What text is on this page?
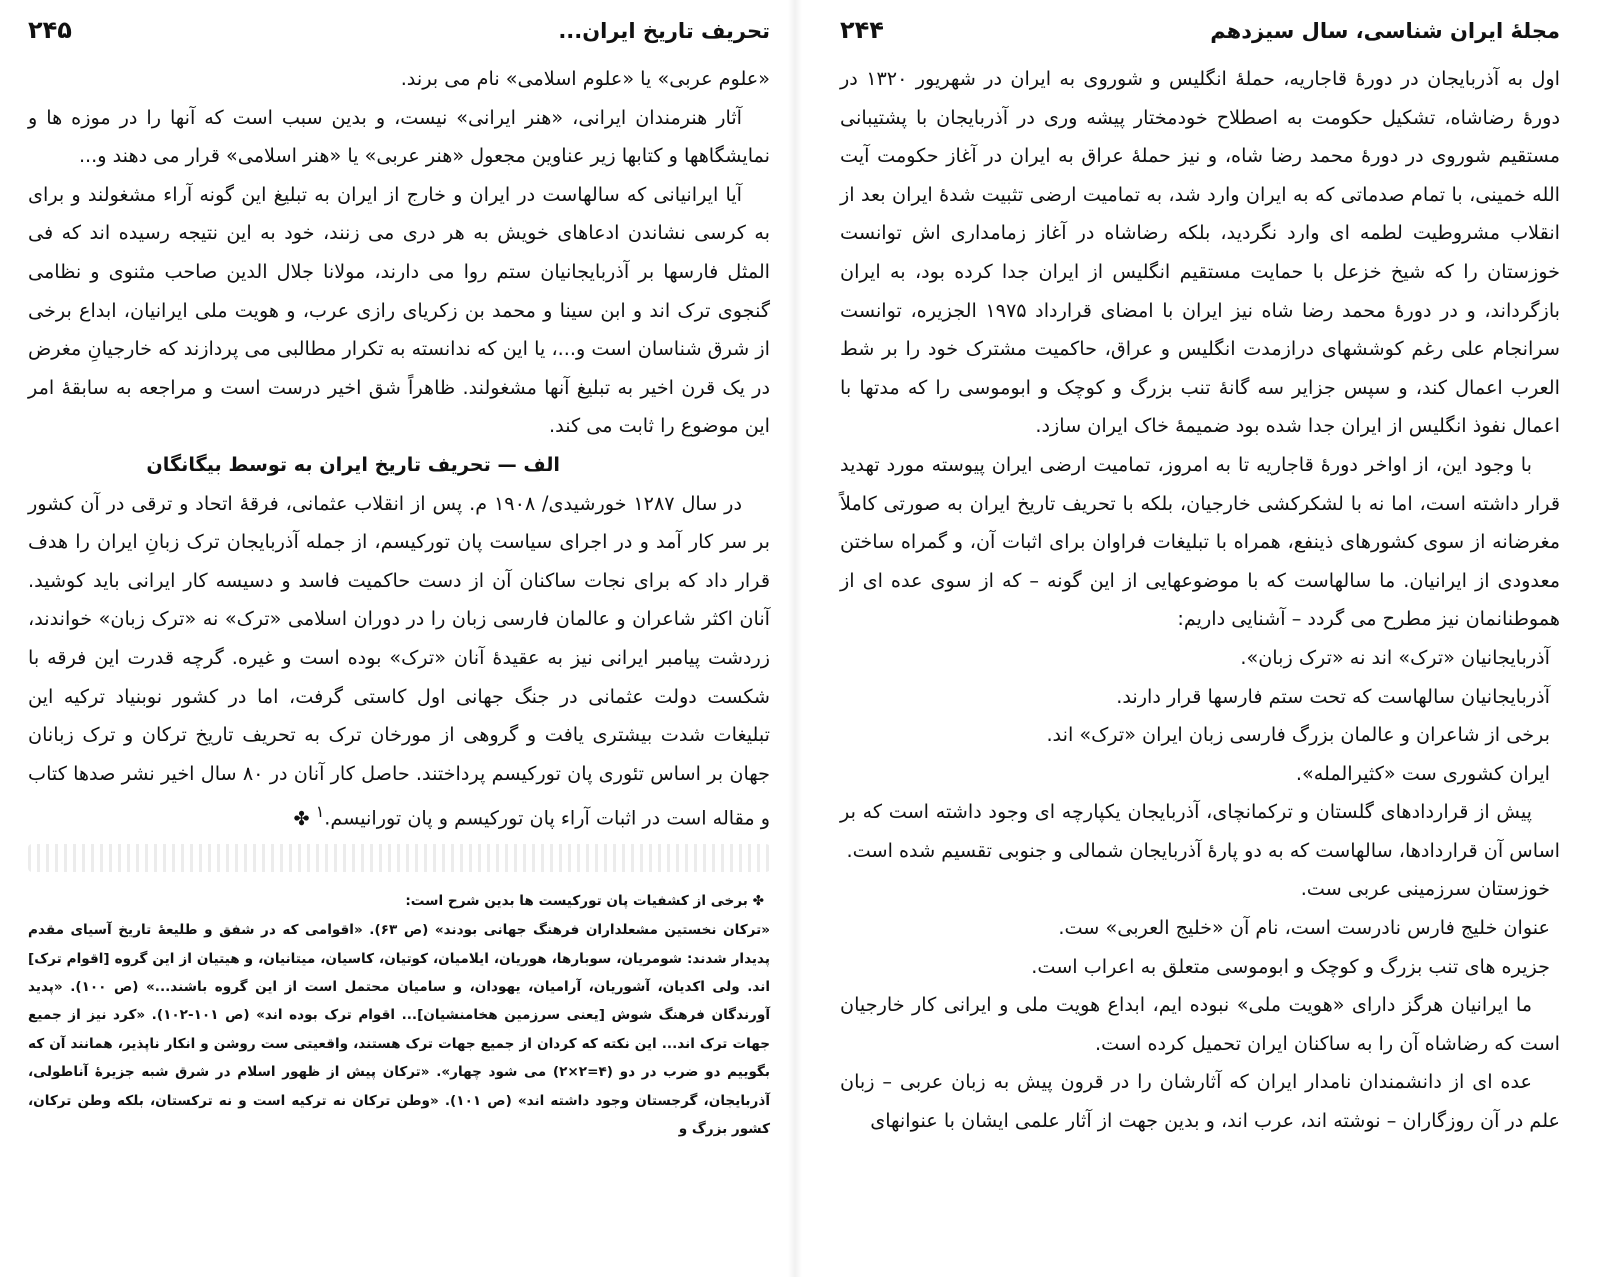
تحریف تاریخ ایران...
۲۴۵

«علوم عربی» یا «علوم اسلامی» نام می برند.

آثار هنرمندان ایرانی، «هنر ایرانی» نیست، و بدین سبب است که آنها را در موزه ها و نمایشگاهها و کتابها زیر عناوین مجعول «هنر عربی» یا «هنر اسلامی» قرار می دهند و...

آیا ایرانیانی که سالهاست در ایران و خارج از ایران به تبلیغ این گونه آراء مشغولند و برای به کرسی نشاندن ادعاهای خویش به هر دری می زنند، خود به این نتیجه رسیده اند که فی المثل فارسها بر آذربایجانیان ستم روا می دارند، مولانا جلال الدین صاحب مثنوی و نظامی گنجوی ترک اند و ابن سینا و محمد بن زکریای رازی عرب، و هویت ملی ایرانیان، ابداع برخی از شرق شناسان است و...، یا این که ندانسته به تکرار مطالبی می پردازند که خارجیانِ مغرض در یک قرن اخیر به تبلیغ آنها مشغولند. ظاهراً شق اخیر درست است و مراجعه به سابقهٔ امر این موضوع را ثابت می کند.

الف — تحریف تاریخ ایران به توسط بیگانگان

در سال ۱۲۸۷ خورشیدی/ ۱۹۰۸ م. پس از انقلاب عثمانی، فرقهٔ اتحاد و ترقی در آن کشور بر سر کار آمد و در اجرای سیاست پان تورکیسم، از جمله آذربایجان ترک زبانِ ایران را هدف قرار داد که برای نجات ساکنان آن از دست حاکمیت فاسد و دسیسه کار ایرانی باید کوشید. آنان اکثر شاعران و عالمان فارسی زبان را در دوران اسلامی «ترک» نه «ترک زبان» خواندند، زردشت پیامبر ایرانی نیز به عقیدهٔ آنان «ترک» بوده است و غیره. گرچه قدرت این فرقه با شکست دولت عثمانی در جنگ جهانی اول کاستی گرفت، اما در کشور نوبنیاد ترکیه این تبلیغات شدت بیشتری یافت و گروهی از مورخان ترک به تحریف تاریخ ترکان و ترک زبانان جهان بر اساس تئوری پان تورکیسم پرداختند. حاصل کار آنان در ۸۰ سال اخیر نشر صدها کتاب و مقاله است در اثبات آراء پان تورکیسم و پان تورانیسم.$^١$ ✤

✤ برخی از کشفیات پان تورکیست ها بدین شرح است:

«ترکان نخستین مشعلداران فرهنگ جهانی بودند» (ص ۶۳). «اقوامی که در شفق و طلیعهٔ تاریخ آسیای مقدم پدیدار شدند: شومریان، سوبارها، هوریان، ایلامیان، کوتیان، کاسیان، میتانیان، و هیتیان از این گروه [اقوام ترک] اند. ولی اکدیان، آشوریان، آرامیان، یهودان، و سامیان محتمل است از این گروه باشند...» (ص ۱۰۰). «پدید آورندگان فرهنگ شوش [یعنی سرزمین هخامنشیان]... اقوام ترک بوده اند» (ص ۱۰۱-۱۰۲). «کرد نیز از جمیع جهات ترک اند... این نکته که کردان از جمیع جهات ترک هستند، واقعیتی ست روشن و انکار ناپذیر، همانند آن که بگوییم دو ضرب در دو (۴=۲×۲) می شود چهار». «ترکان پیش از ظهور اسلام در شرق شبه جزیرهٔ آناطولی، آذربایجان، گرجستان وجود داشته اند» (ص ۱۰۱). «وطن ترکان نه ترکیه است و نه ترکستان، بلکه وطن ترکان، کشور بزرگ و

مجلهٔ ایران شناسی، سال سیزدهم
۲۴۴

اول به آذربایجان در دورهٔ قاجاریه، حملهٔ انگلیس و شوروی به ایران در شهریور ۱۳۲۰ در دورهٔ رضاشاه، تشکیل حکومت به اصطلاح خودمختار پیشه وری در آذربایجان با پشتیبانی مستقیم شوروی در دورهٔ محمد رضا شاه، و نیز حملهٔ عراق به ایران در آغاز حکومت آیت الله خمینی، با تمام صدماتی که به ایران وارد شد، به تمامیت ارضی تثبیت شدهٔ ایران بعد از انقلاب مشروطیت لطمه ای وارد نگردید، بلکه رضاشاه در آغاز زمامداری اش توانست خوزستان را که شیخ خزعل با حمایت مستقیم انگلیس از ایران جدا کرده بود، به ایران بازگرداند، و در دورهٔ محمد رضا شاه نیز ایران با امضای قرارداد ۱۹۷۵ الجزیره، توانست سرانجام علی رغم کوششهای درازمدت انگلیس و عراق، حاکمیت مشترک خود را بر شط العرب اعمال کند، و سپس جزایر سه گانهٔ تنب بزرگ و کوچک و ابوموسی را که مدتها با اعمال نفوذ انگلیس از ایران جدا شده بود ضمیمهٔ خاک ایران سازد.

با وجود این، از اواخر دورهٔ قاجاریه تا به امروز، تمامیت ارضی ایران پیوسته مورد تهدید قرار داشته است، اما نه با لشکرکشی خارجیان، بلکه با تحریف تاریخ ایران به صورتی کاملاً مغرضانه از سوی کشورهای ذینفع، همراه با تبلیغات فراوان برای اثبات آن، و گمراه ساختن معدودی از ایرانیان. ما سالهاست که با موضوعهایی از این گونه – که از سوی عده ای از هموطنانمان نیز مطرح می گردد – آشنایی داریم:

آذربایجانیان «ترک» اند نه «ترک زبان».

آذربایجانیان سالهاست که تحت ستم فارسها قرار دارند.

برخی از شاعران و عالمان بزرگ فارسی زبان ایران «ترک» اند.

ایران کشوری ست «کثیرالمله».

پیش از قراردادهای گلستان و ترکمانچای، آذربایجان یکپارچه ای وجود داشته است که بر اساس آن قراردادها، سالهاست که به دو پارهٔ آذربایجان شمالی و جنوبی تقسیم شده است.

خوزستان سرزمینی عربی ست.

عنوان خلیج فارس نادرست است، نام آن «خلیج العربی» ست.

جزیره های تنب بزرگ و کوچک و ابوموسی متعلق به اعراب است.

ما ایرانیان هرگز دارای «هویت ملی» نبوده ایم، ابداع هویت ملی و ایرانی کار خارجیان است که رضاشاه آن را به ساکنان ایران تحمیل کرده است.

عده ای از دانشمندان نامدار ایران که آثارشان را در قرون پیش به زبان عربی – زبان علم در آن روزگاران – نوشته اند، عرب اند، و بدین جهت از آثار علمی ایشان با عنوانهای
